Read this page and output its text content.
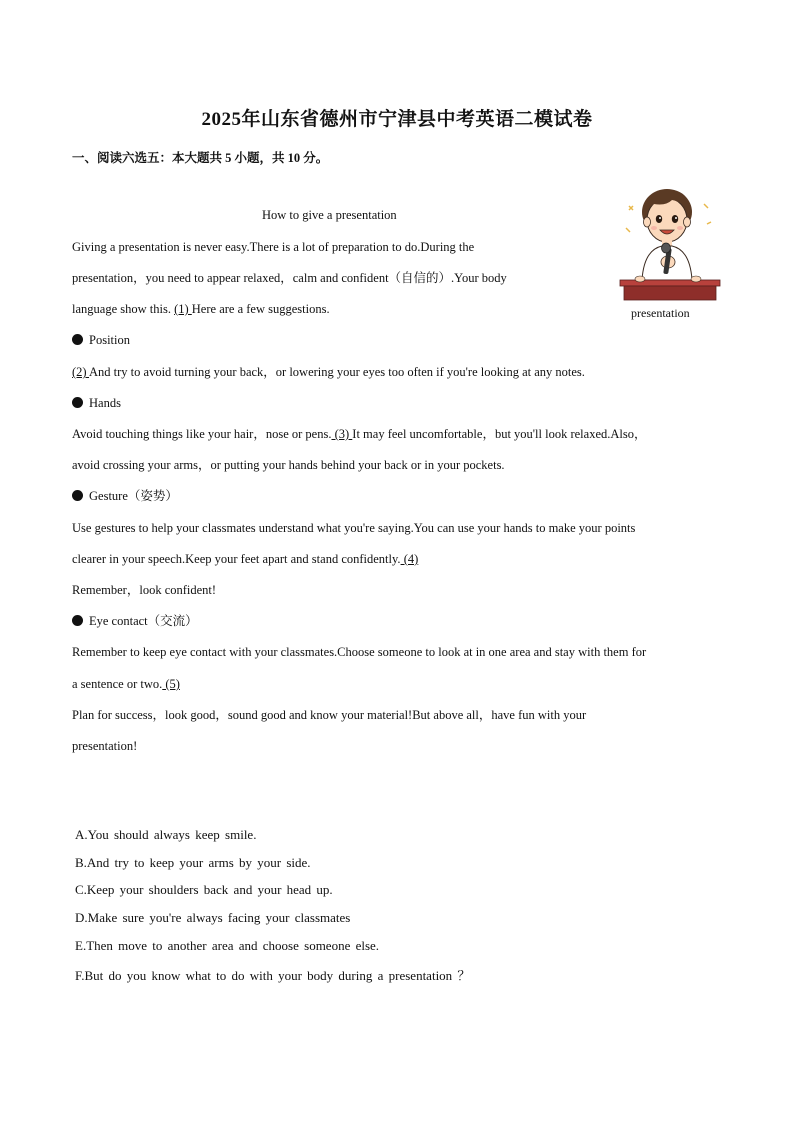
2025年山东省德州市宁津县中考英语二模试卷
一、阅读六选五：本大题共 5 小题，共 10 分。
How to give a presentation
Giving a presentation is never easy.There is a lot of preparation to do.During the
presentation，you need to appear relaxed，calm and confident（自信的）.Your body
language show this. (1) Here are a few suggestions.
Position
(2) And try to avoid turning your back，or lowering your eyes too often if you're looking at any notes.
Hands
Avoid touching things like your hair，nose or pens. (3) It may feel uncomfortable，but you'll look relaxed.Also，
avoid crossing your arms，or putting your hands behind your back or in your pockets.
Gesture（姿势）
Use gestures to help your classmates understand what you're saying.You can use your hands to make your points
clearer in your speech.Keep your feet apart and stand confidently. (4)
Remember，look confident!
Eye contact（交流）
Remember to keep eye contact with your classmates.Choose someone to look at in one area and stay with them for
a sentence or two. (5)
Plan for success，look good，sound good and know your material!But above all，have fun with your
presentation!
presentation
A.You should always keep smile.
B.And try to keep your arms by your side.
C.Keep your shoulders back and your head up.
D.Make sure you're always facing your classmates
E.Then move to another area and choose someone else.
F.But do you know what to do with your body during a presentation ？
